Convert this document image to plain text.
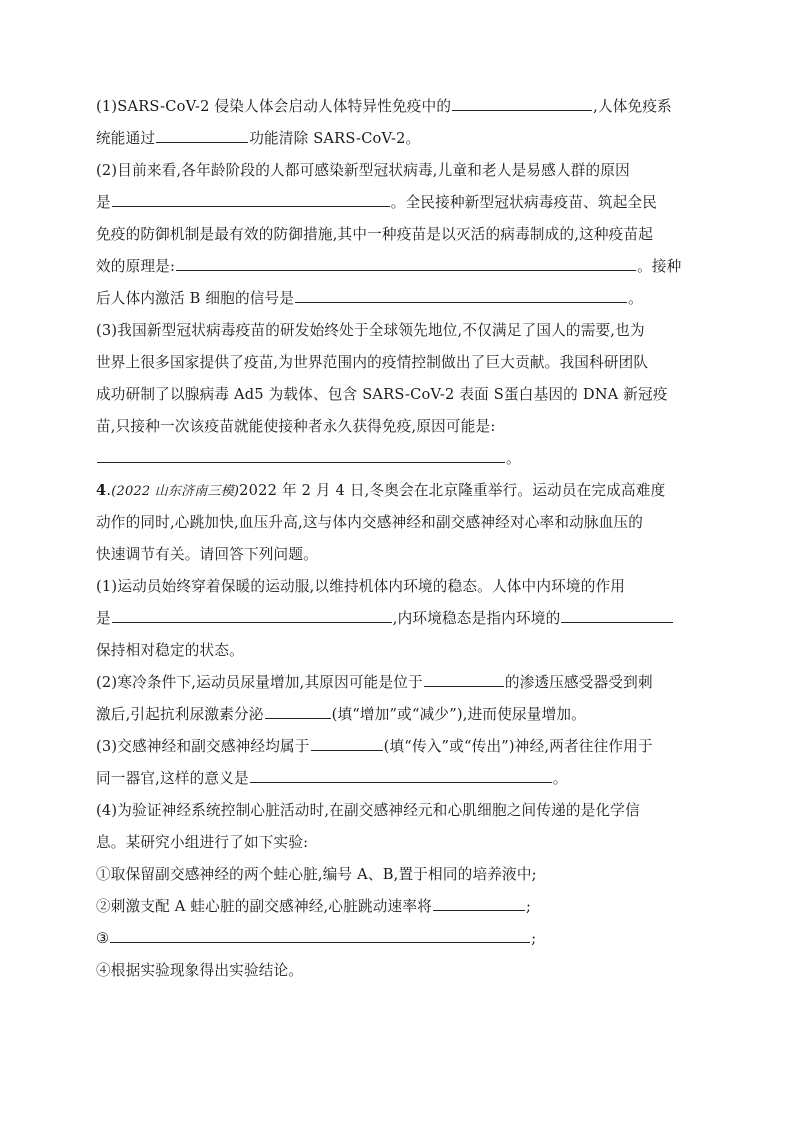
(1)SARS-CoV-2 侵染人体会启动人体特异性免疫中的	,人体免疫系
统能通过	功能清除 SARS-CoV-2。
(2)目前来看,各年龄阶段的人都可感染新型冠状病毒,儿童和老人是易感人群的原因
是	。全民接种新型冠状病毒疫苗、筑起全民
免疫的防御机制是最有效的防御措施,其中一种疫苗是以灭活的病毒制成的,这种疫苗起
效的原理是:	。接种
后人体内激活 B 细胞的信号是	。
(3)我国新型冠状病毒疫苗的研发始终处于全球领先地位,不仅满足了国人的需要,也为
世界上很多国家提供了疫苗,为世界范围内的疫情控制做出了巨大贡献。我国科研团队
成功研制了以腺病毒 Ad5 为载体、包含 SARS-CoV-2 表面 S蛋白基因的 DNA 新冠疫
苗,只接种一次该疫苗就能使接种者永久获得免疫,原因可能是:
。
4.(2022 山东济南三模)2022 年 2 月 4 日,冬奥会在北京隆重举行。运动员在完成高难度
动作的同时,心跳加快,血压升高,这与体内交感神经和副交感神经对心率和动脉血压的
快速调节有关。请回答下列问题。
(1)运动员始终穿着保暖的运动服,以维持机体内环境的稳态。人体中内环境的作用
是	,内环境稳态是指内环境的
保持相对稳定的状态。
(2)寒冷条件下,运动员尿量增加,其原因可能是位于	的渗透压感受器受到刺
激后,引起抗利尿激素分泌	(填“增加”或“减少”),进而使尿量增加。
(3)交感神经和副交感神经均属于	(填“传入”或“传出”)神经,两者往往作用于
同一器官,这样的意义是	。
(4)为验证神经系统控制心脏活动时,在副交感神经元和心肌细胞之间传递的是化学信
息。某研究小组进行了如下实验:
①取保留副交感神经的两个蛙心脏,编号 A、B,置于相同的培养液中;
②刺激支配 A 蛙心脏的副交感神经,心脏跳动速率将	;
③	;
④根据实验现象得出实验结论。
